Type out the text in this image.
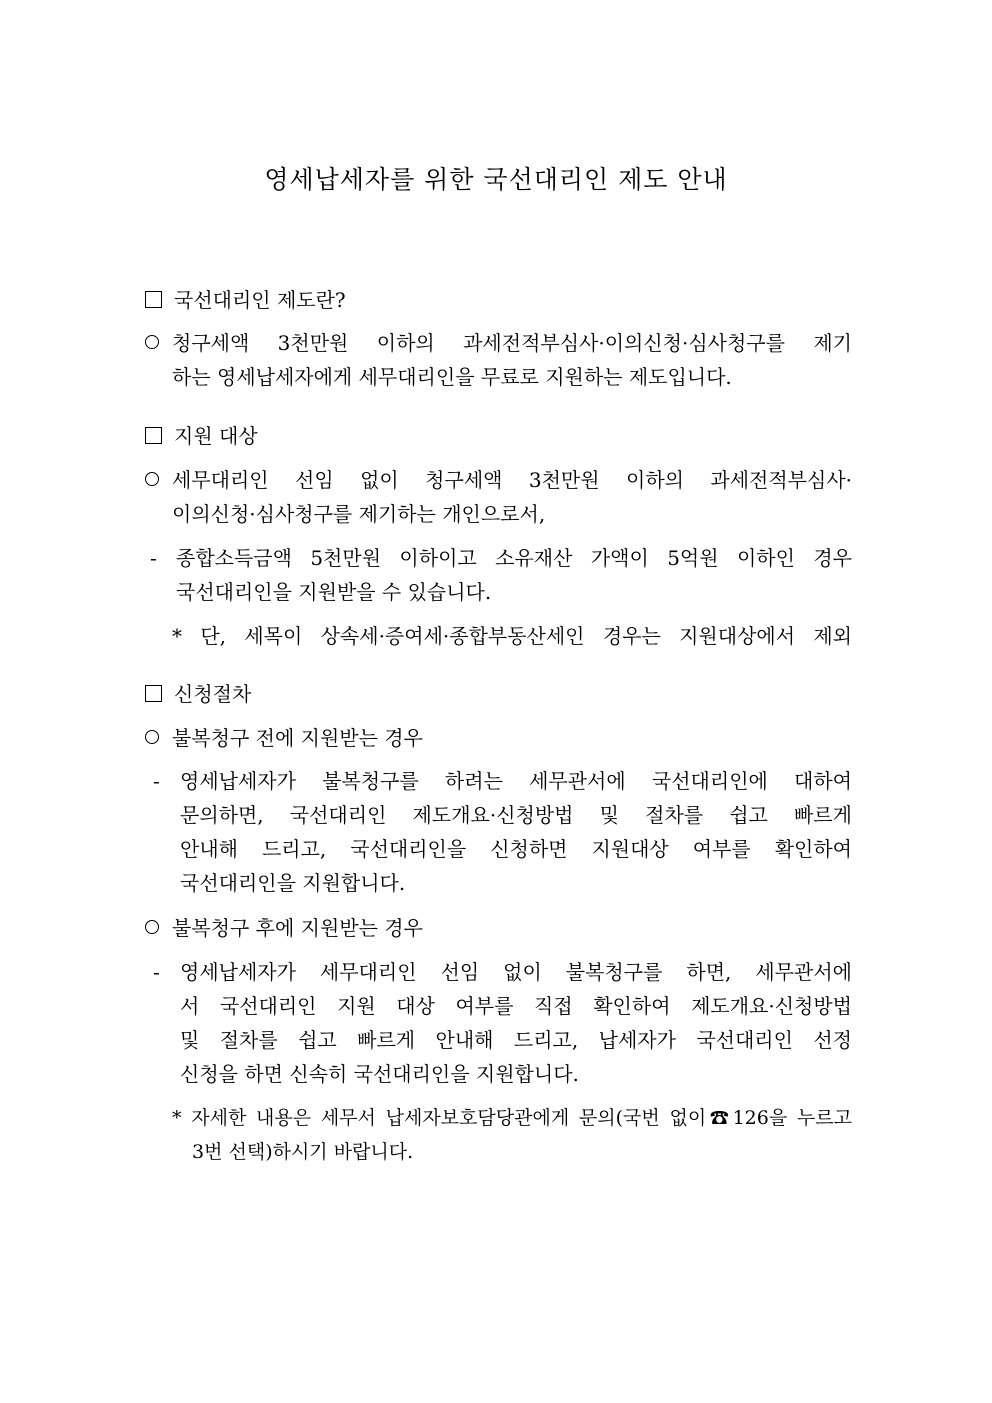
영세납세자를 위한 국선대리인 제도 안내
국선대리인 제도란?
청구세액 3천만원 이하의 과세전적부심사·이의신청·심사청구를 제기
하는 영세납세자에게 세무대리인을 무료로 지원하는 제도입니다.
지원 대상
세무대리인 선임 없이 청구세액 3천만원 이하의 과세전적부심사·
이의신청·심사청구를 제기하는 개인으로서,
- 종합소득금액 5천만원 이하이고 소유재산 가액이 5억원 이하인 경우
국선대리인을 지원받을 수 있습니다.
* 단, 세목이 상속세·증여세·종합부동산세인 경우는 지원대상에서 제외
신청절차
불복청구 전에 지원받는 경우
- 영세납세자가 불복청구를 하려는 세무관서에 국선대리인에 대하여
문의하면, 국선대리인 제도개요·신청방법 및 절차를 쉽고 빠르게
안내해 드리고, 국선대리인을 신청하면 지원대상 여부를 확인하여
국선대리인을 지원합니다.
불복청구 후에 지원받는 경우
- 영세납세자가 세무대리인 선임 없이 불복청구를 하면, 세무관서에
서 국선대리인 지원 대상 여부를 직접 확인하여 제도개요·신청방법
및 절차를 쉽고 빠르게 안내해 드리고, 납세자가 국선대리인 선정
신청을 하면 신속히 국선대리인을 지원합니다.
* 자세한 내용은 세무서 납세자보호담당관에게 문의(국번 없이☎126을 누르고
3번 선택)하시기 바랍니다.
